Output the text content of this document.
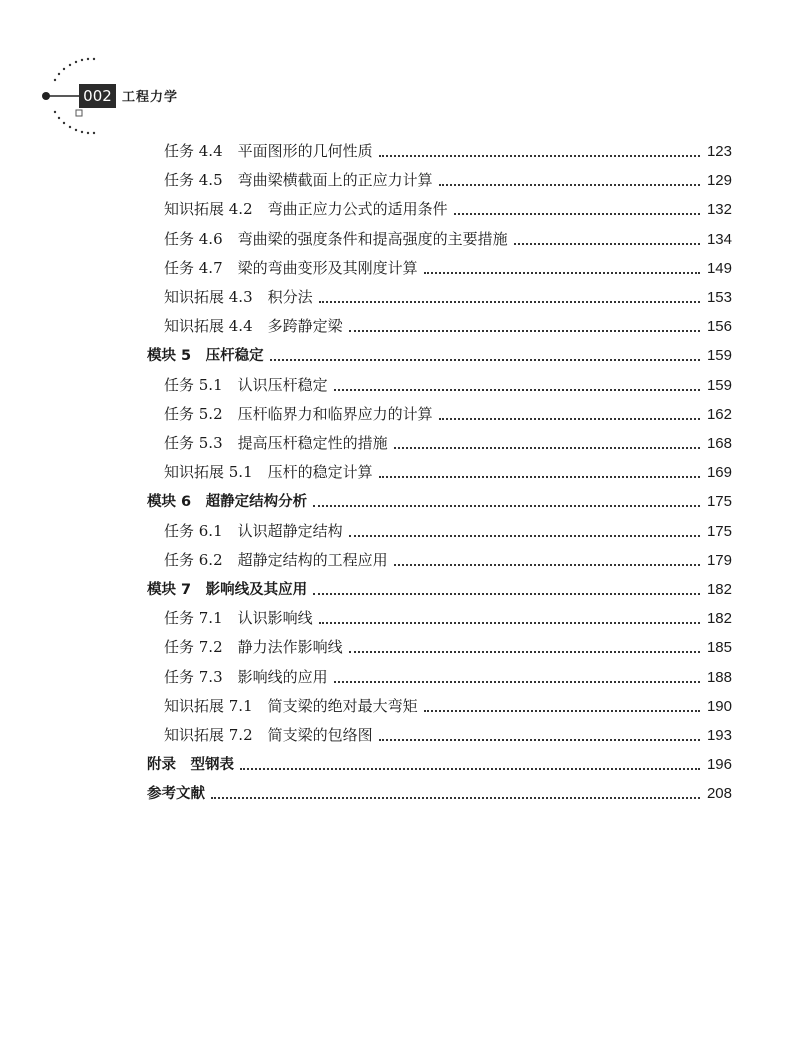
002 工程力学
任务 4.4　平面图形的几何性质	123
任务 4.5　弯曲梁横截面上的正应力计算	129
知识拓展 4.2　弯曲正应力公式的适用条件	132
任务 4.6　弯曲梁的强度条件和提高强度的主要措施	134
任务 4.7　梁的弯曲变形及其刚度计算	149
知识拓展 4.3　积分法	153
知识拓展 4.4　多跨静定梁	156
模块 5　压杆稳定	159
任务 5.1　认识压杆稳定	159
任务 5.2　压杆临界力和临界应力的计算	162
任务 5.3　提高压杆稳定性的措施	168
知识拓展 5.1　压杆的稳定计算	169
模块 6　超静定结构分析	175
任务 6.1　认识超静定结构	175
任务 6.2　超静定结构的工程应用	179
模块 7　影响线及其应用	182
任务 7.1　认识影响线	182
任务 7.2　静力法作影响线	185
任务 7.3　影响线的应用	188
知识拓展 7.1　简支梁的绝对最大弯矩	190
知识拓展 7.2　简支梁的包络图	193
附录　型钢表	196
参考文献	208
